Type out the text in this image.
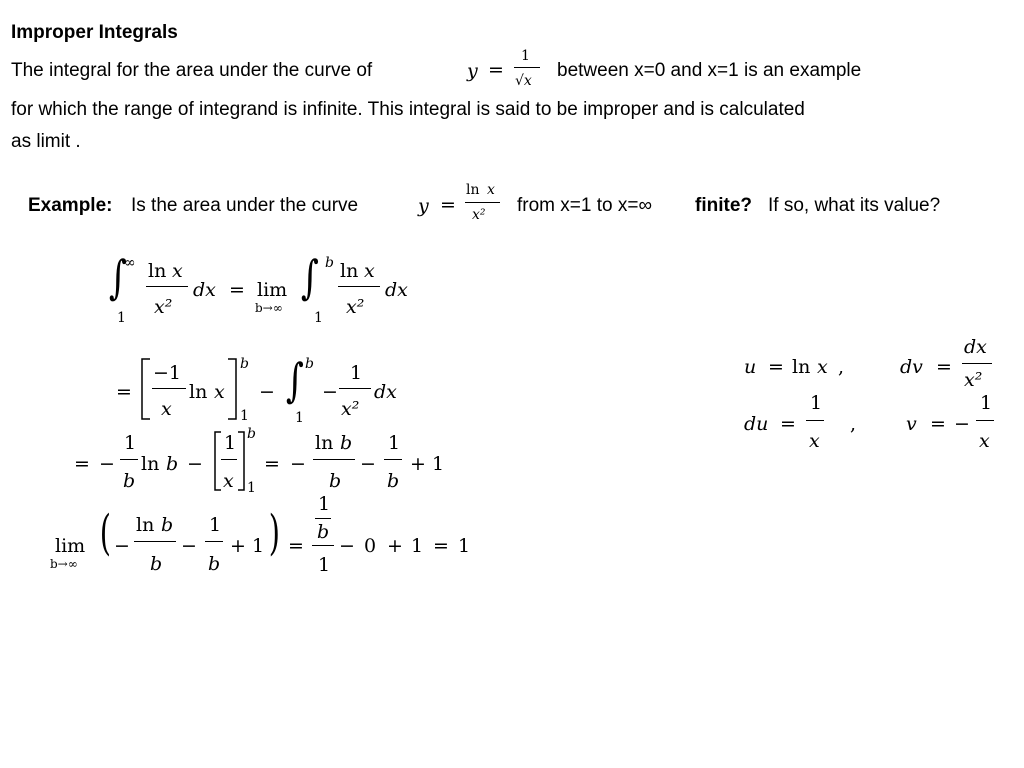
Improper Integrals
The integral for the area under the curve of	y =
1
√x between x=0 and x=1 is an example
for which the range of integrand is infinite. This integral is said to be improper and is calculated
as limit .
Example: Is the area under the curve	y =
ln x
x² from x=1 to x=∞ finite? If so, what its value?
∫
∞
1
ln x
x²
dx = lim
b→∞
∫ b
1
ln x
x²
dx
=
−1
x
ln x
b
1
− ∫ b
1
−
1
x²
dx
= −
1
b
ln b −
1
x
b
1
= −
ln b
b
−
1
b
+ 1
lim
b→∞
( −
ln b
b
−
1
b
+ 1 ) =
1
b
1
− 0 + 1 = 1
u = ln x ,	dv =
dx
x²
du =
1
x
,	v = −
1
x
